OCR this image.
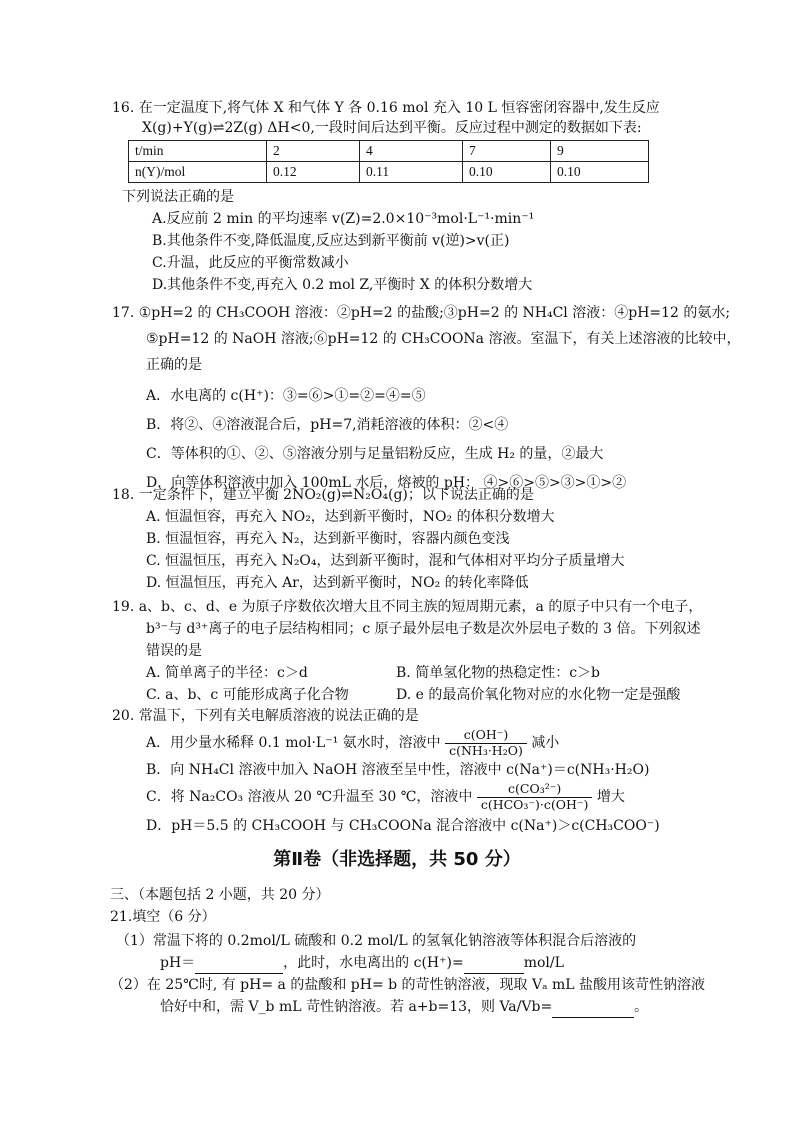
16. 在一定温度下,将气体 X 和气体 Y 各 0.16 mol 充入 10 L 恒容密闭容器中,发生反应
X(g)+Y(g)⇌2Z(g) ΔH<0,一段时间后达到平衡。反应过程中测定的数据如下表:
t/min	2	4	7	9
n(Y)/mol	0.12	0.11	0.10	0.10
下列说法正确的是
A.反应前 2 min 的平均速率 v(Z)=2.0×10⁻³mol·L⁻¹·min⁻¹
B.其他条件不变,降低温度,反应达到新平衡前 v(逆)>v(正)
C.升温，此反应的平衡常数减小
D.其他条件不变,再充入 0.2 mol Z,平衡时 X 的体积分数增大
17. ①pH=2 的 CH₃COOH 溶液：②pH=2 的盐酸;③pH=2 的 NH₄Cl 溶液：④pH=12 的氨水;
⑤pH=12 的 NaOH 溶液;⑥pH=12 的 CH₃COONa 溶液。室温下，有关上述溶液的比较中，
正确的是
A．水电离的 c(H⁺)：③=⑥>①=②=④=⑤
B．将②、④溶液混合后，pH=7,消耗溶液的体积：②<④
C．等体积的①、②、⑤溶液分别与足量铝粉反应，生成 H₂ 的量，②最大
D．向等体积溶液中加入 100mL 水后，熔被的 pH： ④>⑥>⑤>③>①>②
18. 一定条件下，建立平衡 2NO₂(g)⇌N₂O₄(g)；以下说法正确的是
A. 恒温恒容，再充入 NO₂，达到新平衡时，NO₂ 的体积分数增大
B. 恒温恒容，再充入 N₂，达到新平衡时，容器内颜色变浅
C. 恒温恒压，再充入 N₂O₄，达到新平衡时，混和气体相对平均分子质量增大
D. 恒温恒压，再充入 Ar，达到新平衡时，NO₂ 的转化率降低
19. a、b、c、d、e 为原子序数依次增大且不同主族的短周期元素，a 的原子中只有一个电子，
b³⁻与 d³⁺离子的电子层结构相同；c 原子最外层电子数是次外层电子数的 3 倍。下列叙述
错误的是
A. 简单离子的半径：c＞d	B. 简单氢化物的热稳定性：c＞b
C. a、b、c 可能形成离子化合物	D. e 的最高价氧化物对应的水化物一定是强酸
20. 常温下，下列有关电解质溶液的说法正确的是
A．用少量水稀释 0.1 mol·L⁻¹ 氨水时，溶液中 $\frac{c(OH^-)}{\text{c(NH₃·H₂O)}}$ 减小
B．向 NH₄Cl 溶液中加入 NaOH 溶液至呈中性，溶液中 c(Na⁺)＝c(NH₃·H₂O)
C．将 Na₂CO₃ 溶液从 20 ℃升温至 30 ℃，溶液中 $\frac{\text{c(CO₃²⁻)}}{\text{c(HCO₃⁻)·c(OH⁻)}}$ 增大
D．pH＝5.5 的 CH₃COOH 与 CH₃COONa 混合溶液中 c(Na⁺)＞c(CH₃COO⁻)
第Ⅱ卷（非选择题，共 50 分）
三、（本题包括 2 小题，共 20 分）
21.填空（6 分）
（1）常温下将的 0.2mol/L 硫酸和 0.2 mol/L 的氢氧化钠溶液等体积混合后溶液的
pH＝	，此时，水电离出的 c(H⁺)=	mol/L
（2）在 25℃时, 有 pH= a 的盐酸和 pH= b 的苛性钠溶液，现取 Vₐ mL 盐酸用该苛性钠溶液
恰好中和，需 V_b mL 苛性钠溶液。若 a+b=13，则 Va/Vb=	。
